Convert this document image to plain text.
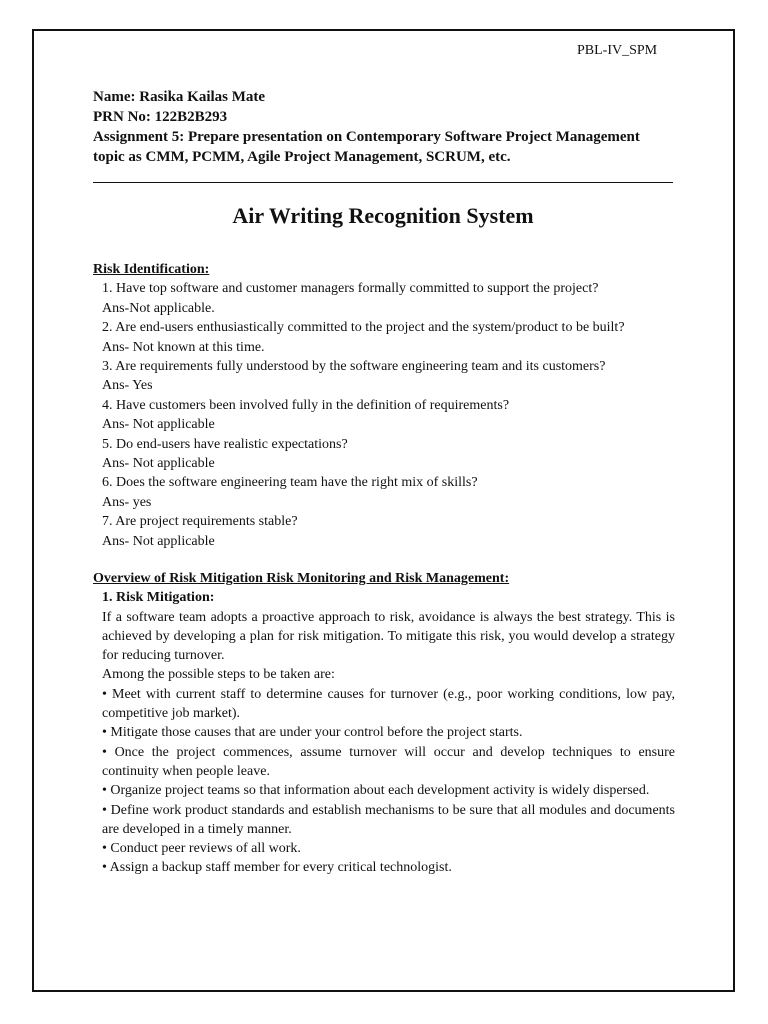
PBL-IV_SPM
Name: Rasika Kailas Mate
PRN No: 122B2B293
Assignment 5: Prepare presentation on Contemporary Software Project Management
topic as CMM, PCMM, Agile Project Management, SCRUM, etc.
Air Writing Recognition System
Risk Identification:
1. Have top software and customer managers formally committed to support the project?
Ans-Not applicable.
2. Are end-users enthusiastically committed to the project and the system/product to be built?
Ans- Not known at this time.
3. Are requirements fully understood by the software engineering team and its customers?
Ans- Yes
4. Have customers been involved fully in the definition of requirements?
Ans- Not applicable
5. Do end-users have realistic expectations?
Ans- Not applicable
6. Does the software engineering team have the right mix of skills?
Ans- yes
7. Are project requirements stable?
Ans- Not applicable
Overview of Risk Mitigation Risk Monitoring and Risk Management:
1. Risk Mitigation:
If a software team adopts a proactive approach to risk, avoidance is always the best strategy. This is achieved by developing a plan for risk mitigation. To mitigate this risk, you would develop a strategy for reducing turnover.
Among the possible steps to be taken are:
• Meet with current staff to determine causes for turnover (e.g., poor working conditions, low pay, competitive job market).
• Mitigate those causes that are under your control before the project starts.
• Once the project commences, assume turnover will occur and develop techniques to ensure continuity when people leave.
• Organize project teams so that information about each development activity is widely dispersed.
• Define work product standards and establish mechanisms to be sure that all modules and documents are developed in a timely manner.
• Conduct peer reviews of all work.
• Assign a backup staff member for every critical technologist.
